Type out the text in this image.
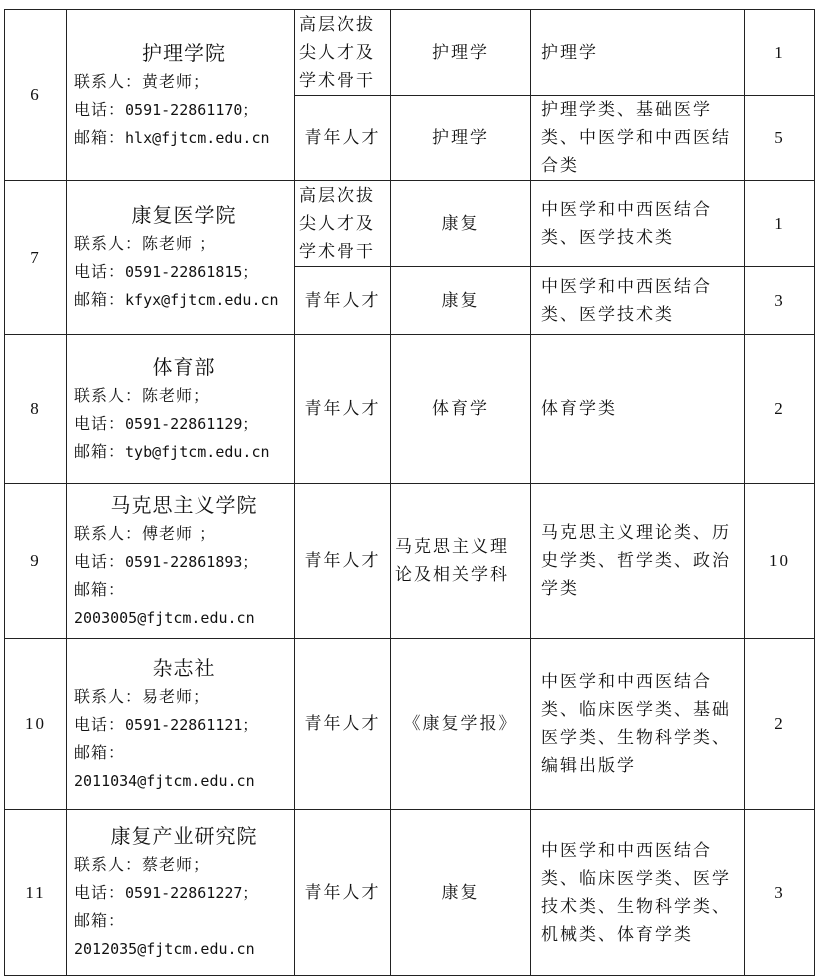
6	护理学院
联系人：黄老师；
电话：0591-22861170；
邮箱：hlx@fjtcm.edu.cn	高层次拔尖人才及学术骨干	护理学	护理学	1
		青年人才	护理学	护理学类、基础医学类、中医学和中西医结合类	5
7	康复医学院
联系人：陈老师 ；
电话：0591-22861815；
邮箱：kfyx@fjtcm.edu.cn	高层次拔尖人才及学术骨干	康复	中医学和中西医结合类、医学技术类	1
		青年人才	康复	中医学和中西医结合类、医学技术类	3
8	体育部
联系人：陈老师；
电话：0591-22861129；
邮箱：tyb@fjtcm.edu.cn	青年人才	体育学	体育学类	2
9	马克思主义学院
联系人：傅老师 ；
电话：0591-22861893；
邮箱：
2003005@fjtcm.edu.cn	青年人才	马克思主义理论及相关学科	马克思主义理论类、历史学类、哲学类、政治学类	10
10	杂志社
联系人：易老师；
电话：0591-22861121；
邮箱：
2011034@fjtcm.edu.cn	青年人才	《康复学报》	中医学和中西医结合类、临床医学类、基础医学类、生物科学类、编辑出版学	2
11	康复产业研究院
联系人：蔡老师；
电话：0591-22861227；
邮箱：
2012035@fjtcm.edu.cn	青年人才	康复	中医学和中西医结合类、临床医学类、医学技术类、生物科学类、机械类、体育学类	3
